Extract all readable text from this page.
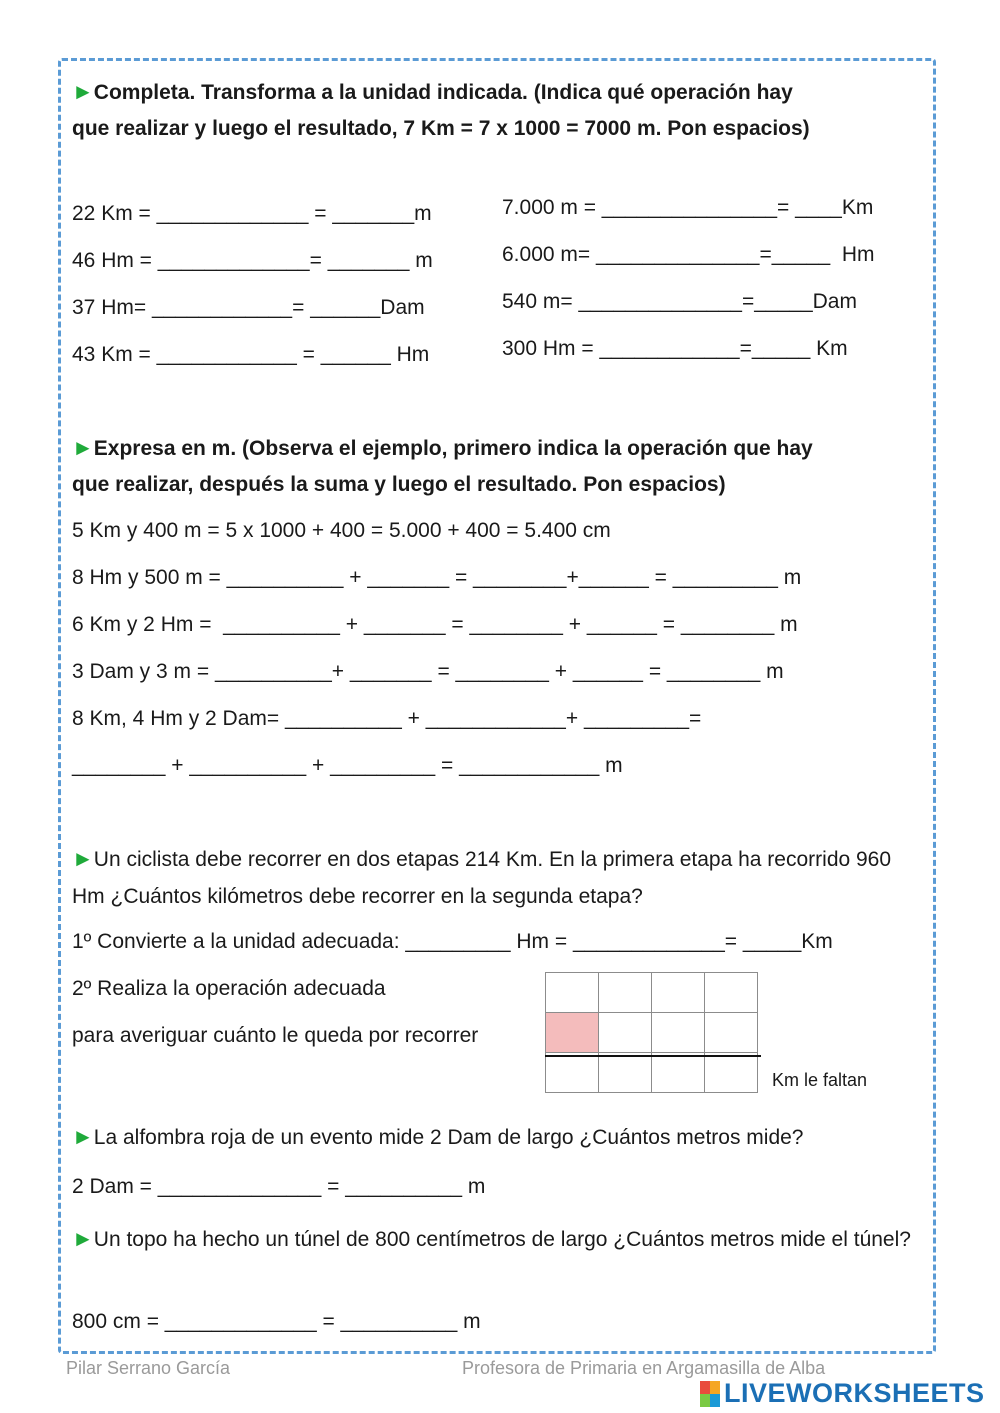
►Completa. Transforma a la unidad indicada. (Indica qué operación hay
que realizar y luego el resultado, 7 Km = 7 x 1000 = 7000 m. Pon espacios)
22 Km = _____________ = _______m
46 Hm = _____________= _______ m
37 Hm= ____________= ______Dam
43 Km = ____________ = ______ Hm
7.000 m = _______________= ____Km
6.000 m= ______________=_____  Hm
540 m= ______________=_____Dam
300 Hm = ____________=_____ Km
►Expresa en m. (Observa el ejemplo, primero indica la operación que hay
que realizar, después la suma y luego el resultado. Pon espacios)
5 Km y 400 m = 5 x 1000 + 400 = 5.000 + 400 = 5.400 cm
8 Hm y 500 m = __________ + _______ = ________+______ = _________ m
6 Km y 2 Hm =  __________ + _______ = ________ + ______ = ________ m
3 Dam y 3 m = __________+ _______ = ________ + ______ = ________ m
8 Km, 4 Hm y 2 Dam= __________ + ____________+ _________=
________ + __________ + _________ = ____________ m
►Un ciclista debe recorrer en dos etapas 214 Km. En la primera etapa ha recorrido 960 Hm ¿Cuántos kilómetros debe recorrer en la segunda etapa?
1º Convierte a la unidad adecuada: _________ Hm = _____________= _____Km
2º Realiza la operación adecuada
para averiguar cuánto le queda por recorrer

Km le faltan
►La alfombra roja de un evento mide 2 Dam de largo ¿Cuántos metros mide?
2 Dam = ______________ = __________ m
►Un topo ha hecho un túnel de 800 centímetros de largo ¿Cuántos metros mide el túnel?
800 cm = _____________ = __________ m
Pilar Serrano García	Profesora de Primaria en Argamasilla de Alba
LIVEWORKSHEETS
